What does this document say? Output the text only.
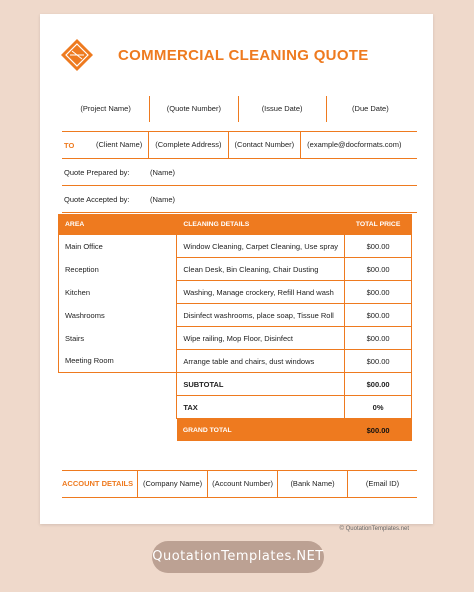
COMMERCIAL CLEANING QUOTE
(Project Name)	(Quote Number)	(Issue Date)	(Due Date)
TO	(Client Name)	(Complete Address)	(Contact Number)	(example@docformats.com)
Quote Prepared by:	(Name)
Quote Accepted by:	(Name)
ACCOUNT DETAILS	(Company Name)	(Account Number)	(Bank Name)	(Email ID)
© QuotationTemplates.net
AREA	CLEANING DETAILS	TOTAL PRICE
Main Office	Window Cleaning, Carpet Cleaning, Use spray	$00.00
Reception	Clean Desk, Bin Cleaning, Chair Dusting	$00.00
Kitchen	Washing, Manage crockery, Refill Hand wash	$00.00
Washrooms	Disinfect washrooms, place soap, Tissue Roll	$00.00
Stairs	Wipe railing, Mop Floor, Disinfect	$00.00
Meeting Room	Arrange table and chairs, dust windows	$00.00
	SUBTOTAL	$00.00
	TAX	0%
	GRAND TOTAL	$00.00
QuotationTemplates.NET
